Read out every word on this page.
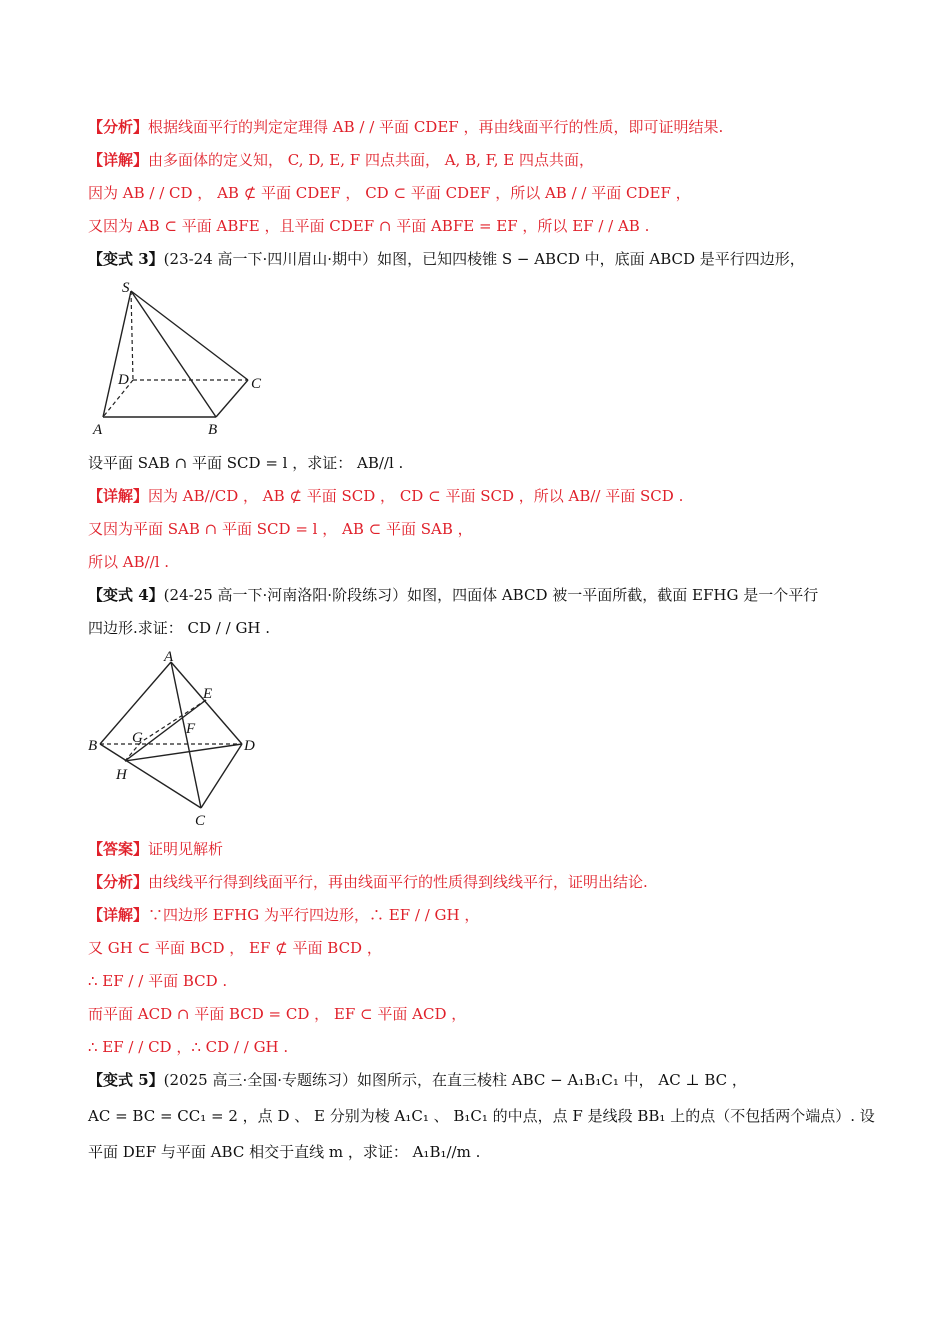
【分析】根据线面平行的判定定理得 AB / / 平面 CDEF ，再由线面平行的性质，即可证明结果.
【详解】由多面体的定义知， C, D, E, F 四点共面， A, B, F, E 四点共面，
因为 AB / / CD ， AB ⊄ 平面 CDEF ， CD ⊂ 平面 CDEF ，所以 AB / / 平面 CDEF ，
又因为 AB ⊂ 平面 ABFE ，且平面 CDEF ∩ 平面 ABFE = EF ，所以 EF / / AB .
【变式 3】(23-24 高一下·四川眉山·期中）如图，已知四棱锥 S − ABCD 中，底面 ABCD 是平行四边形，
S
D	C
A	B
设平面 SAB ∩ 平面 SCD = l ，求证： AB//l .
【详解】因为 AB//CD ， AB ⊄ 平面 SCD ， CD ⊂ 平面 SCD ，所以 AB// 平面 SCD .
又因为平面 SAB ∩ 平面 SCD = l ， AB ⊂ 平面 SAB ，
所以 AB//l .
【变式 4】(24-25 高一下·河南洛阳·阶段练习）如图，四面体 ABCD 被一平面所截，截面 EFHG 是一个平行
四边形.求证： CD / / GH .
A
E
F
G
B	D
H
C
【答案】证明见解析
【分析】由线线平行得到线面平行，再由线面平行的性质得到线线平行，证明出结论.
【详解】∵四边形 EFHG 为平行四边形，∴ EF / / GH ，
又 GH ⊂ 平面 BCD ， EF ⊄ 平面 BCD ，
∴ EF / / 平面 BCD .
而平面 ACD ∩ 平面 BCD = CD ， EF ⊂ 平面 ACD ，
∴ EF / / CD ，∴ CD / / GH .
【变式 5】(2025 高三·全国·专题练习）如图所示，在直三棱柱 ABC − A₁B₁C₁ 中， AC ⊥ BC ，
AC = BC = CC₁ = 2 ，点 D 、 E 分别为棱 A₁C₁ 、 B₁C₁ 的中点，点 F 是线段 BB₁ 上的点（不包括两个端点）. 设
平面 DEF 与平面 ABC 相交于直线 m ，求证： A₁B₁//m .
